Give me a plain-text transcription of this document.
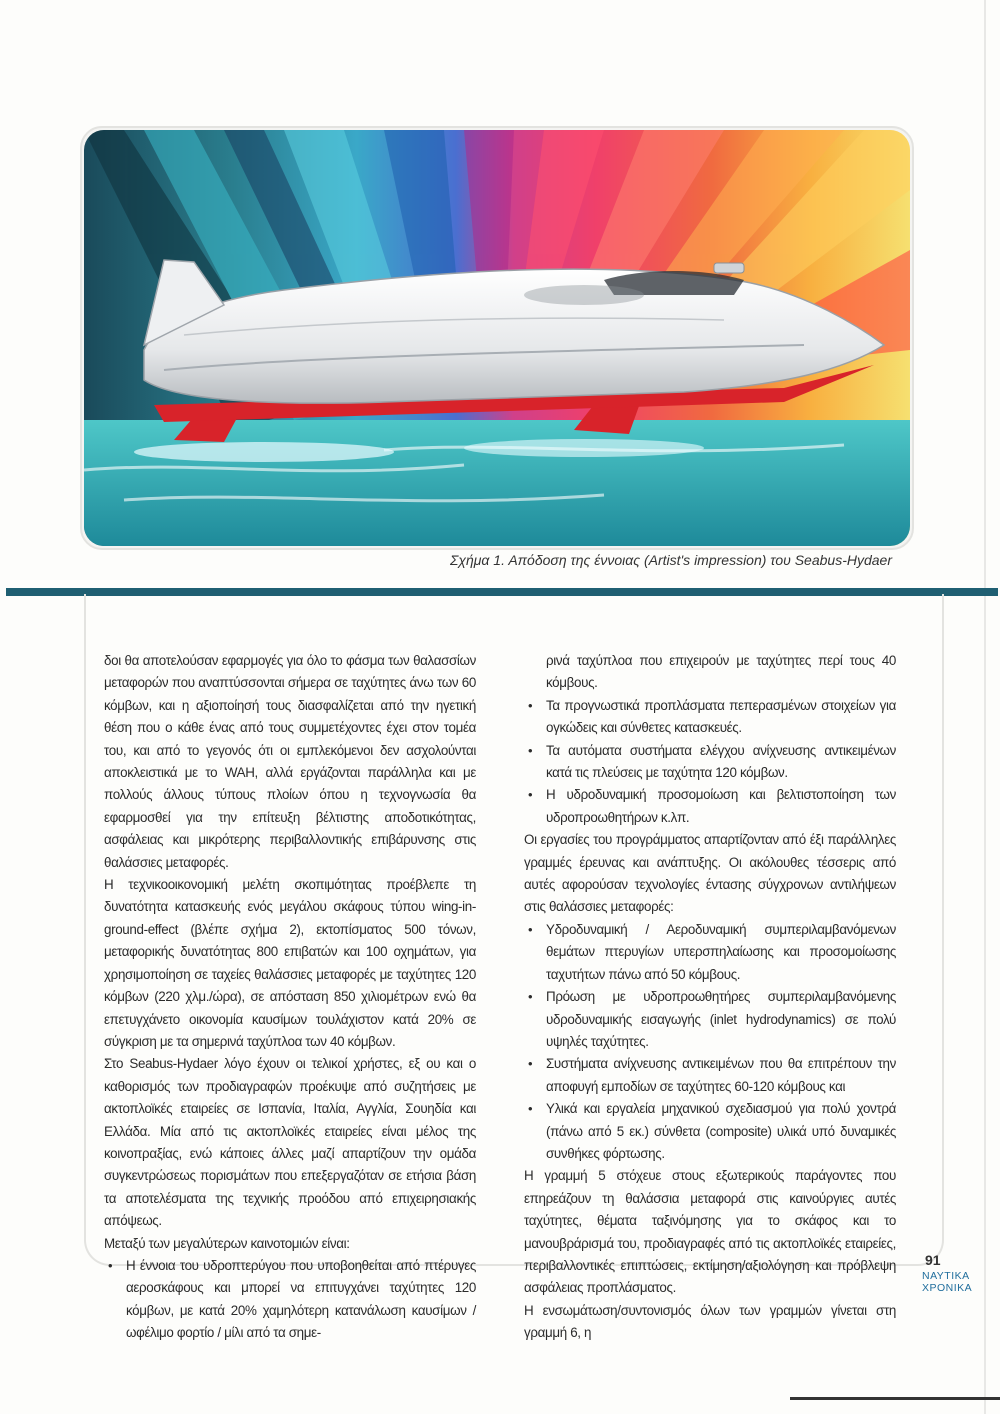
Σχήμα 1. Απόδοση της έννοιας (Artist's impression) του Seabus-Hydaer

δοι θα αποτελούσαν εφαρμογές για όλο το φάσμα των θαλασσίων μεταφορών που αναπτύσσονται σήμερα σε ταχύτητες άνω των 60 κόμβων, και η αξιοποίησή τους διασφαλίζεται από την ηγετική θέση που ο κάθε ένας από τους συμμετέχοντες έχει στον τομέα του, και από το γεγονός ότι οι εμπλεκόμενοι δεν ασχολούνται αποκλειστικά με το WAH, αλλά εργάζονται παράλληλα και με πολλούς άλλους τύπους πλοίων όπου η τεχνογνωσία θα εφαρμοσθεί για την επίτευξη βέλτιστης αποδοτικότητας, ασφάλειας και μικρότερης περιβαλλοντικής επιβάρυνσης στις θαλάσσιες μεταφορές.

Η τεχνικοοικονομική μελέτη σκοπιμότητας προέβλεπε τη δυνατότητα κατασκευής ενός μεγάλου σκάφους τύπου wing-in-ground-effect (βλέπε σχήμα 2), εκτοπίσματος 500 τόνων, μεταφορικής δυνατότητας 800 επιβατών και 100 οχημάτων, για χρησιμοποίηση σε ταχείες θαλάσσιες μεταφορές με ταχύτητες 120 κόμβων (220 χλμ./ώρα), σε απόσταση 850 χιλιομέτρων ενώ θα επετυγχάνετο οικονομία καυσίμων τουλάχιστον κατά 20% σε σύγκριση με τα σημερινά ταχύπλοα των 40 κόμβων.

Στο Seabus-Hydaer λόγο έχουν οι τελικοί χρήστες, εξ ου και ο καθορισμός των προδιαγραφών προέκυψε από συζητήσεις με ακτοπλοϊκές εταιρείες σε Ισπανία, Ιταλία, Αγγλία, Σουηδία και Ελλάδα. Μία από τις ακτοπλοϊκές εταιρείες είναι μέλος της κοινοπραξίας, ενώ κάποιες άλλες μαζί απαρτίζουν την ομάδα συγκεντρώσεως πορισμάτων που επεξεργαζόταν σε ετήσια βάση τα αποτελέσματα της τεχνικής προόδου από επιχειρησιακής απόψεως.

Μεταξύ των μεγαλύτερων καινοτομιών είναι:

• Η έννοια του υδροπτερύγου που υποβοηθείται από πτέρυγες αεροσκάφους και μπορεί να επιτυγχάνει ταχύτητες 120 κόμβων, με κατά 20% χαμηλότερη κατανάλωση καυσίμων / ωφέλιμο φορτίο / μίλι από τα σημε-

ρινά ταχύπλοα που επιχειρούν με ταχύτητες περί τους 40 κόμβους.

• Τα προγνωστικά προπλάσματα πεπερασμένων στοιχείων για ογκώδεις και σύνθετες κατασκευές.
• Τα αυτόματα συστήματα ελέγχου ανίχνευσης αντικειμένων κατά τις πλεύσεις με ταχύτητα 120 κόμβων.
• Η υδροδυναμική προσομοίωση και βελτιστοποίηση των υδροπροωθητήρων κ.λπ.

Οι εργασίες του προγράμματος απαρτίζονταν από έξι παράλληλες γραμμές έρευνας και ανάπτυξης. Οι ακόλουθες τέσσερις από αυτές αφορούσαν τεχνολογίες έντασης σύγχρονων αντιλήψεων στις θαλάσσιες μεταφορές:

• Υδροδυναμική / Αεροδυναμική συμπεριλαμβανόμενων θεμάτων πτερυγίων υπερσπηλαίωσης και προσομοίωσης ταχυτήτων πάνω από 50 κόμβους.
• Πρόωση με υδροπροωθητήρες συμπεριλαμβανόμενης υδροδυναμικής εισαγωγής (inlet hydrodynamics) σε πολύ υψηλές ταχύτητες.
• Συστήματα ανίχνευσης αντικειμένων που θα επιτρέπουν την αποφυγή εμποδίων σε ταχύτητες 60-120 κόμβους και
• Υλικά και εργαλεία μηχανικού σχεδιασμού για πολύ χοντρά (πάνω από 5 εκ.) σύνθετα (composite) υλικά υπό δυναμικές συνθήκες φόρτωσης.

Η γραμμή 5 στόχευε στους εξωτερικούς παράγοντες που επηρεάζουν τη θαλάσσια μεταφορά στις καινούργιες αυτές ταχύτητες, θέματα ταξινόμησης για το σκάφος και το μανουβράρισμά του, προδιαγραφές από τις ακτοπλοϊκές εταιρείες, περιβαλλοντικές επιπτώσεις, εκτίμηση/αξιολόγηση και πρόβλεψη ασφάλειας προπλάσματος.

Η ενσωμάτωση/συντονισμός όλων των γραμμών γίνεται στη γραμμή 6, η

91
ΝΑΥΤΙΚΑ
ΧΡΟΝΙΚΑ
